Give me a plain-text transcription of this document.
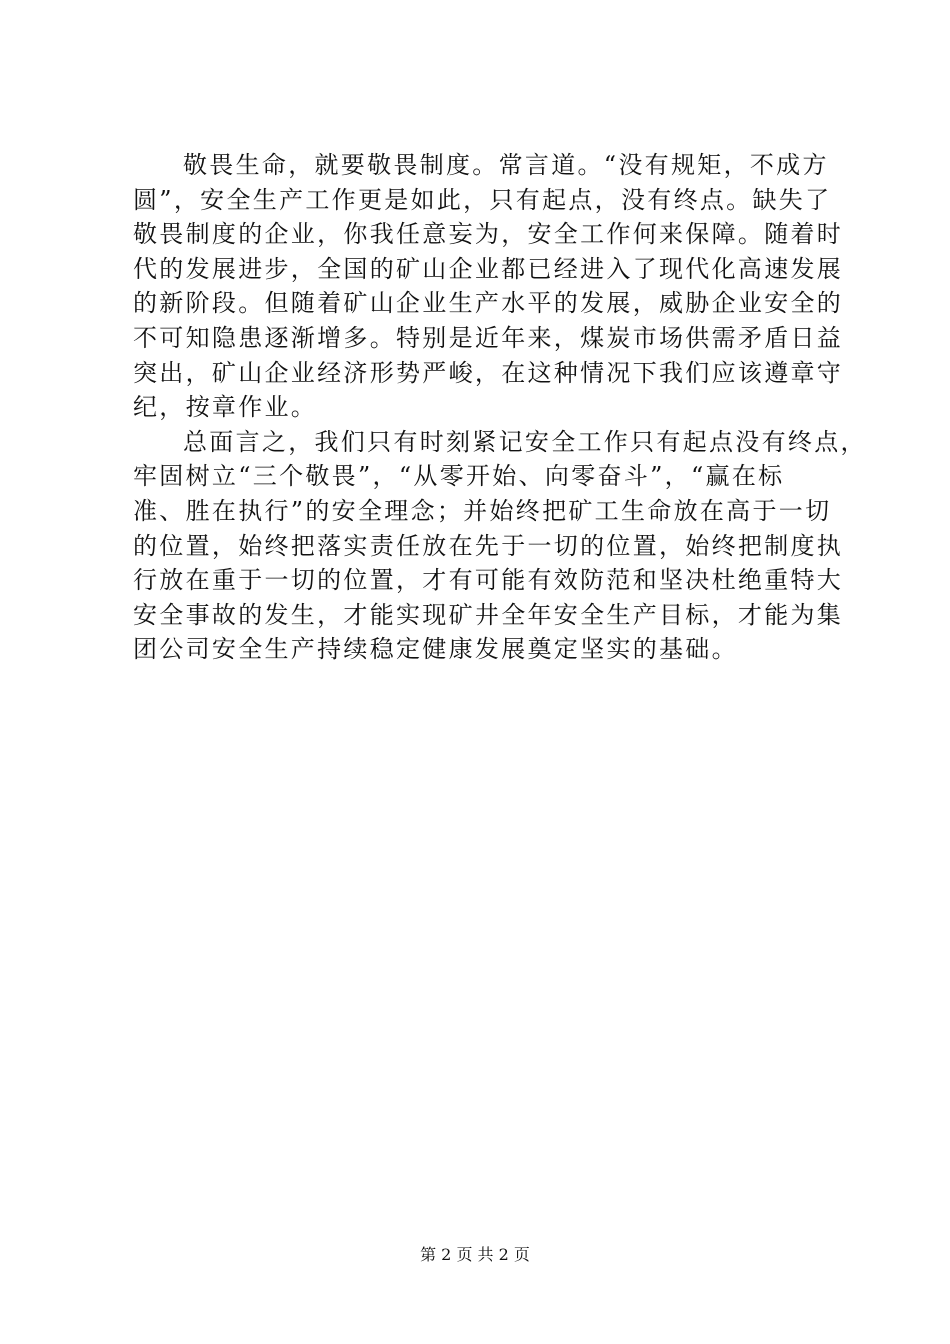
敬畏生命，就要敬畏制度。常言道。“没有规矩，不成方
圆”，安全生产工作更是如此，只有起点，没有终点。缺失了
敬畏制度的企业，你我任意妄为，安全工作何来保障。随着时
代的发展进步，全国的矿山企业都已经进入了现代化高速发展
的新阶段。但随着矿山企业生产水平的发展，威胁企业安全的
不可知隐患逐渐增多。特别是近年来，煤炭市场供需矛盾日益
突出，矿山企业经济形势严峻，在这种情况下我们应该遵章守
纪，按章作业。
总面言之，我们只有时刻紧记安全工作只有起点没有终点，
牢固树立“三个敬畏”，“从零开始、向零奋斗”，“赢在标
准、胜在执行”的安全理念；并始终把矿工生命放在高于一切
的位置，始终把落实责任放在先于一切的位置，始终把制度执
行放在重于一切的位置，才有可能有效防范和坚决杜绝重特大
安全事故的发生，才能实现矿井全年安全生产目标，才能为集
团公司安全生产持续稳定健康发展奠定坚实的基础。
第 2 页 共 2 页
